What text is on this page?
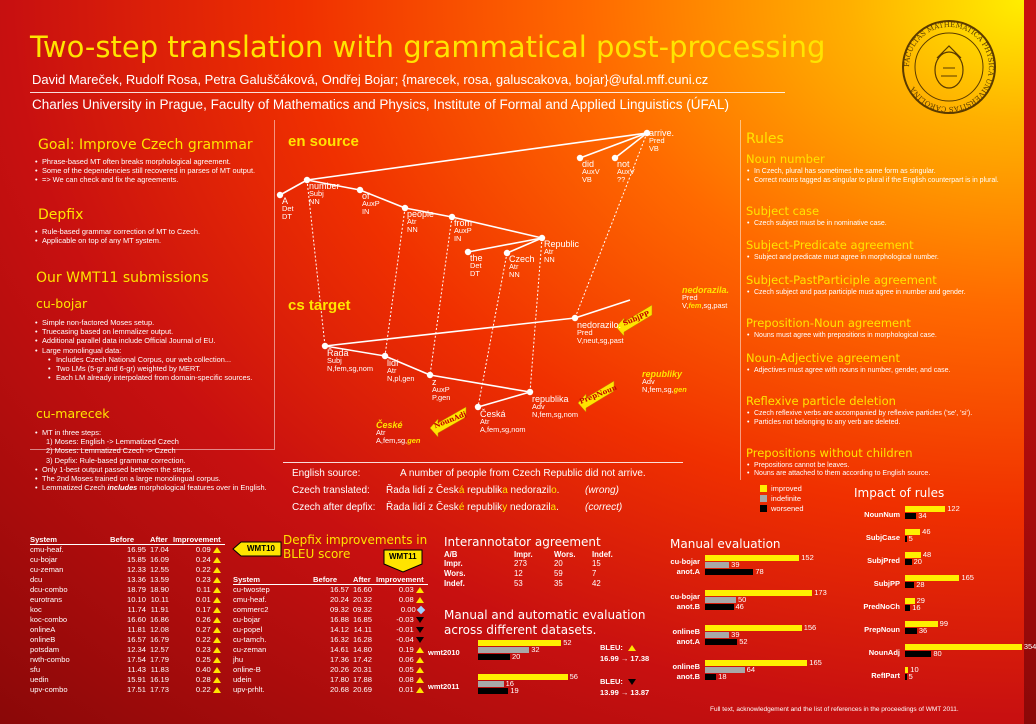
Two-step translation with grammatical post-processing
David Mareček, Rudolf Rosa, Petra Galuščáková, Ondřej Bojar; {marecek, rosa, galuscakova, bojar}@ufal.mff.cuni.cz
Charles University in Prague, Faculty of Mathematics and Physics, Institute of Formal and Applied Linguistics (ÚFAL)
FACULTAS MATHEMATICA PHYSICA UNIVERSITAS CAROLINA
Goal: Improve Czech grammar
• Phrase-based MT often breaks morphological agreement.
• Some of the dependencies still recovered in parses of MT output.
• => We can check and fix the agreements.
Depfix
• Rule-based grammar correction of MT to Czech.
• Applicable on top of any MT system.
Our WMT11 submissions
cu-bojar
• Simple non-factored Moses setup.
• Truecasing based on lemmalizer output.
• Additional parallel data include Official Journal of EU.
• Large monolingual data:
• Includes Czech National Corpus, our web collection...
• Two LMs (5-gr and 6-gr) weighted by MERT.
• Each LM already interpolated from domain-specific sources.
cu-marecek
• MT in three steps:
1) Moses: English -> Lemmatized Czech
2) Moses: Lemmatized Czech -> Czech
3) Depfix: Rule-based grammar correction.
• Only 1-best output passed between the steps.
• The 2nd Moses trained on a large monolingual corpus.
• Lemmatized Czech includes morphological features over in English.
System	Before	After	Improvement
cmu-heaf.	16.95	17.04	0.09
cu-bojar	15.85	16.09	0.24
cu-zeman	12.33	12.55	0.22
dcu	13.36	13.59	0.23
dcu-combo	18.79	18.90	0.11
eurotrans	10.10	10.11	0.01
koc	11.74	11.91	0.17
koc-combo	16.60	16.86	0.26
onlineA	11.81	12.08	0.27
onlineB	16.57	16.79	0.22
potsdam	12.34	12.57	0.23
rwth-combo	17.54	17.79	0.25
sfu	11.43	11.83	0.40
uedin	15.91	16.19	0.28
upv-combo	17.51	17.73	0.22
WMT10
Depfix improvements in BLEU score	WMT11
System	Before	After	Improvement
cu-twostep	16.57	16.60	0.03
cmu-heaf.	20.24	20.32	0.08
commerc2	09.32	09.32	0.00
cu-bojar	16.88	16.85	-0.03
cu-popel	14.12	14.11	-0.01
cu-tamch.	16.32	16.28	-0.04
cu-zeman	14.61	14.80	0.19
jhu	17.36	17.42	0.06
online-B	20.26	20.31	0.05
udein	17.80	17.88	0.08
upv-prhlt.	20.68	20.69	0.01
SubjPP
PrepNoun
NounAdj
en source
cs target
arrive.
Pred
VB
did
AuxV
VB
not
AuxV
??
number
Subj
NN
A
Det
DT
of
AuxP
IN	people
Atr
NN
from
AuxP
IN
Republic
Atr
NN
the
Det
DT
Czech
Atr
NN
nedorazilo.
Pred
V,neut,sg,past
Řada
Subj
N,fem,sg,nom
lidí
Atr
N,pl,gen z
AuxP
P,gen	republika
Adv
N,fem,sg,nom
Česká
Atr
A,fem,sg,nom
nedorazila.
Pred
V,fem,sg,past
republiky
Adv
N,fem,sg,gen
České
Atr
A,fem,sg,gen
English source:	A number of people from Czech Republic did not arrive.
Czech translated: Řada lidí z Česká republika nedorazilo.	(wrong)
Czech after depfix: Řada lidí z České republiky nedorazila.	(correct)
Rules
Noun number
• In Czech, plural has sometimes the same form as singular.
• Correct nouns tagged as singular to plural if the English counterpart is in plural.
Subject case
• Czech subject must be in nominative case.
Subject-Predicate agreement
• Subject and predicate must agree in morphological number.
Subject-PastParticiple agreement
• Czech subject and past participle must agree in number and gender.
Preposition-Noun agreement
• Nouns must agree with prepositions in morphological case.
Noun-Adjective agreement
• Adjectives must agree with nouns in number, gender, and case.
Reflexive particle deletion
• Czech reflexive verbs are accompanied by reflexive particles ('se', 'si').
• Particles not belonging to any verb are deleted.
Prepositions without children
• Prepositions cannot be leaves.
• Nouns are attached to them according to English source.
improved
indefinite
worsened
Interannotator agreement
A/B	Impr.	Wors.	Indef.
Impr.	273	20	15
Wors.	12	59	7
Indef.	53	35	42
Manual and automatic evaluation across different datasets.
wmt2010
52
32
20
BLEU:
16.99 → 17.38
wmt2011
56
16
19
BLEU:
13.99 → 13.87
Manual evaluation
cu-bojar
anot.A
152
39
78
cu-bojar
anot.B
173
50
46
onlineB
anot.A
156
39
52
onlineB
anot.B
165
64
18
Impact of rules
NounNum
122
34
SubjCase
46
5
SubjPred
48
20
SubjPP
165
28
PredNoCh
29
16
PrepNoun
99
36
NounAdj
354
80
RefIPart
10
5
Full text, acknowledgement and the list of references in the proceedings of WMT 2011.
